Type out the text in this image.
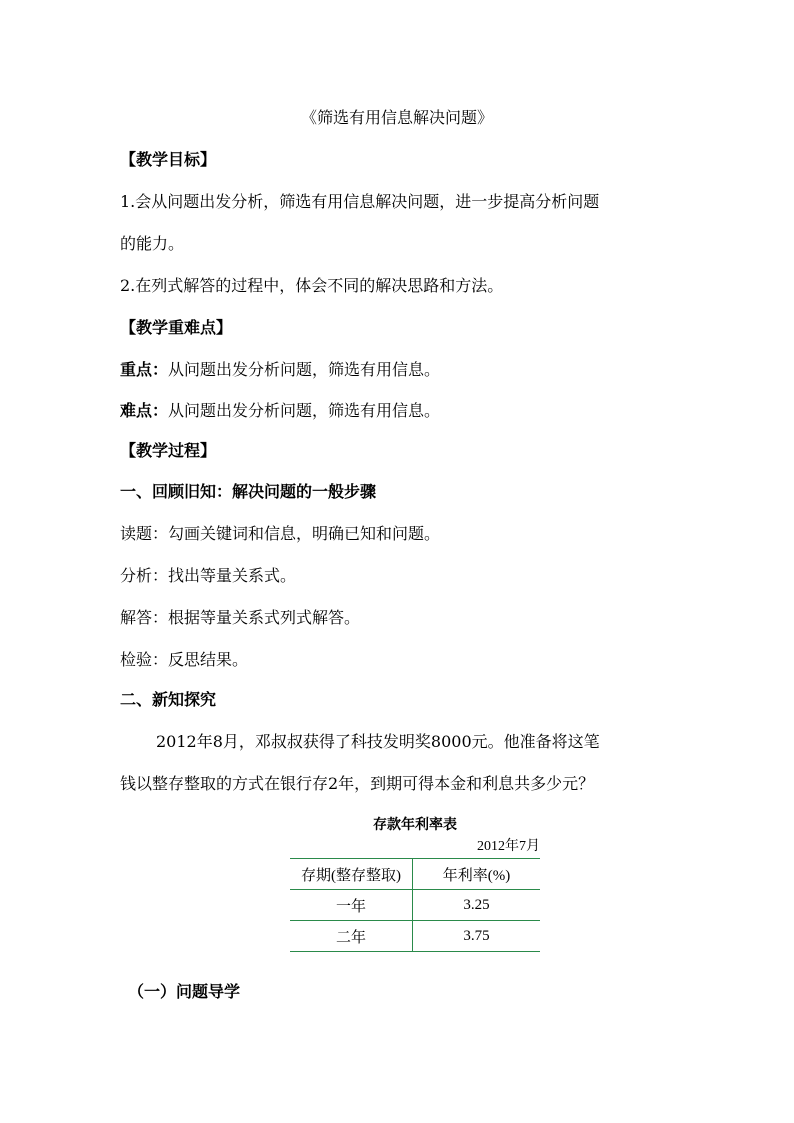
《筛选有用信息解决问题》
【教学目标】
1.会从问题出发分析，筛选有用信息解决问题，进一步提高分析问题
的能力。
2.在列式解答的过程中，体会不同的解决思路和方法。
【教学重难点】
重点：从问题出发分析问题，筛选有用信息。
难点：从问题出发分析问题，筛选有用信息。
【教学过程】
一、回顾旧知：解决问题的一般步骤
读题：勾画关键词和信息，明确已知和问题。
分析：找出等量关系式。
解答：根据等量关系式列式解答。
检验：反思结果。
二、新知探究
2012年8月，邓叔叔获得了科技发明奖8000元。他准备将这笔
钱以整存整取的方式在银行存2年，到期可得本金和利息共多少元？
存款年利率表
2012年7月
存期(整存整取)	年利率(%)
一年	3.25
二年	3.75
（一）问题导学
